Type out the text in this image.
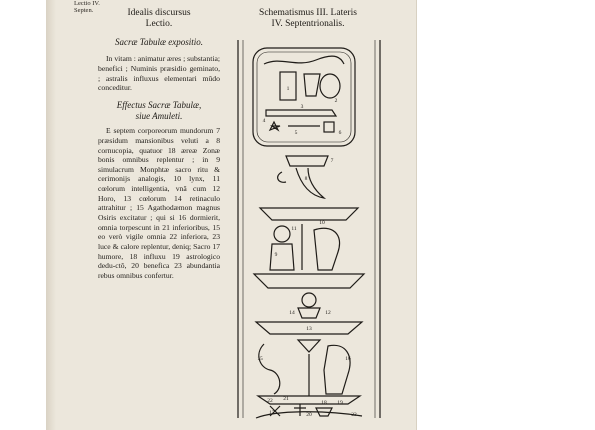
Lectio IV.
Septen.	Idealis discursus
Lectio.
Sacræ Tabulæ expositio.
In vitam : animatur æres ; substantia; benefici ; Numinis præsidio geminato, ; astralis influxus elementari mûdo conceditur.
Effectus Sacræ Tabulæ,
siue Amuleti.
E septem corporeorum mundorum 7 præsidum mansionibus veluti a 8 cornucopia, quatuor 18 æreæ Zonæ bonis omnibus replentur ; in 9 simulacrum Monphtæ sacro ritu & cerimonijs analogis, 10 lynx, 11 cœlorum intelligentia, vnâ cum 12 Horo, 13 cœlorum 14 retinaculo attrahitur ; 15 Agathodæmon magnus Osiris excitatur ; qui si 16 dormierit, omnia torpescunt in 21 inferioribus, 15 eo verò vigile omnia 22 inferiora, 23 luce & calore replentur, deniq; Sacro 17 humore, 18 influxu 19 astrologico dedu-ctô, 20 benefica 23 abundantia rebus omnibus confertur.
Schematismus III. Lateris
IV. Septentrionalis.
1
2
3
4
5	6
7
8
9
10
11
12
13
14
15	16
17
18 19
20
21
22
23
